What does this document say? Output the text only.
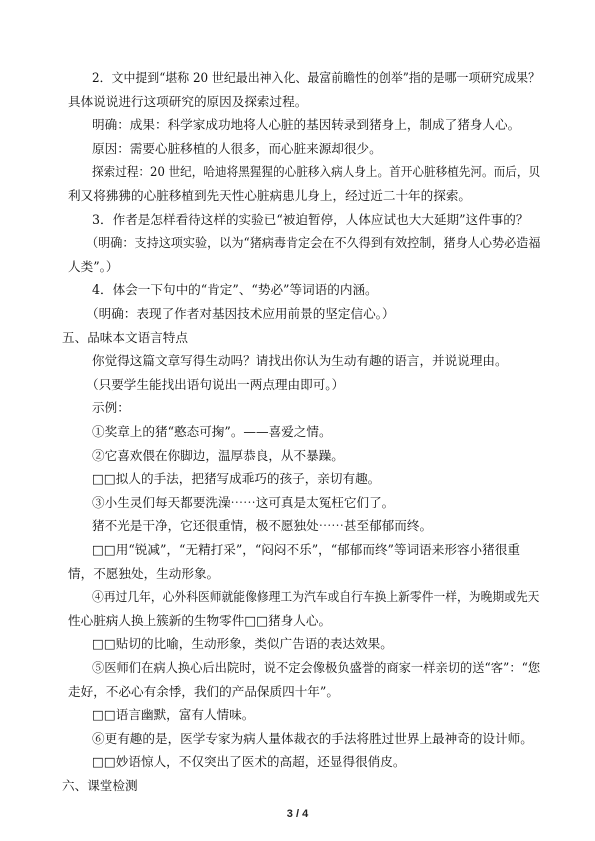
2．文中提到“堪称 20 世纪最出神入化、最富前瞻性的创举”指的是哪一项研究成果？
具体说说进行这项研究的原因及探索过程。
明确：成果：科学家成功地将人心脏的基因转录到猪身上，制成了猪身人心。
原因：需要心脏移植的人很多，而心脏来源却很少。
探索过程：20 世纪，哈迪将黑猩猩的心脏移入病人身上。首开心脏移植先河。而后，贝
利又将狒狒的心脏移植到先天性心脏病患儿身上，经过近二十年的探索。
3．作者是怎样看待这样的实验已“被迫暂停，人体应试也大大延期”这件事的？
（明确：支持这项实验，以为“猪病毒肯定会在不久得到有效控制，猪身人心势必造福
人类”。）
4．体会一下句中的“肯定”、“势必”等词语的内涵。
（明确：表现了作者对基因技术应用前景的坚定信心。）
五、品味本文语言特点
你觉得这篇文章写得生动吗？请找出你认为生动有趣的语言，并说说理由。
（只要学生能找出语句说出一两点理由即可。）
示例：
①奖章上的猪“憨态可掬”。——喜爱之情。
②它喜欢偎在你脚边，温厚恭良，从不暴躁。
□□拟人的手法，把猪写成乖巧的孩子，亲切有趣。
③小生灵们每天都要洗澡⋯⋯这可真是太冤枉它们了。
猪不光是干净，它还很重情，极不愿独处⋯⋯甚至郁郁而终。
□□用“锐减”，“无精打采”，“闷闷不乐”，“郁郁而终”等词语来形容小猪很重
情，不愿独处，生动形象。
④再过几年，心外科医师就能像修理工为汽车或自行车换上新零件一样，为晚期或先天
性心脏病人换上簇新的生物零件□□猪身人心。
□□贴切的比喻，生动形象，类似广告语的表达效果。
⑤医师们在病人换心后出院时，说不定会像极负盛誉的商家一样亲切的送“客”：“您
走好，不必心有余悸，我们的产品保质四十年”。
□□语言幽默，富有人情味。
⑥更有趣的是，医学专家为病人量体裁衣的手法将胜过世界上最神奇的设计师。
□□妙语惊人，不仅突出了医术的高超，还显得很俏皮。
六、课堂检测
3 / 4
